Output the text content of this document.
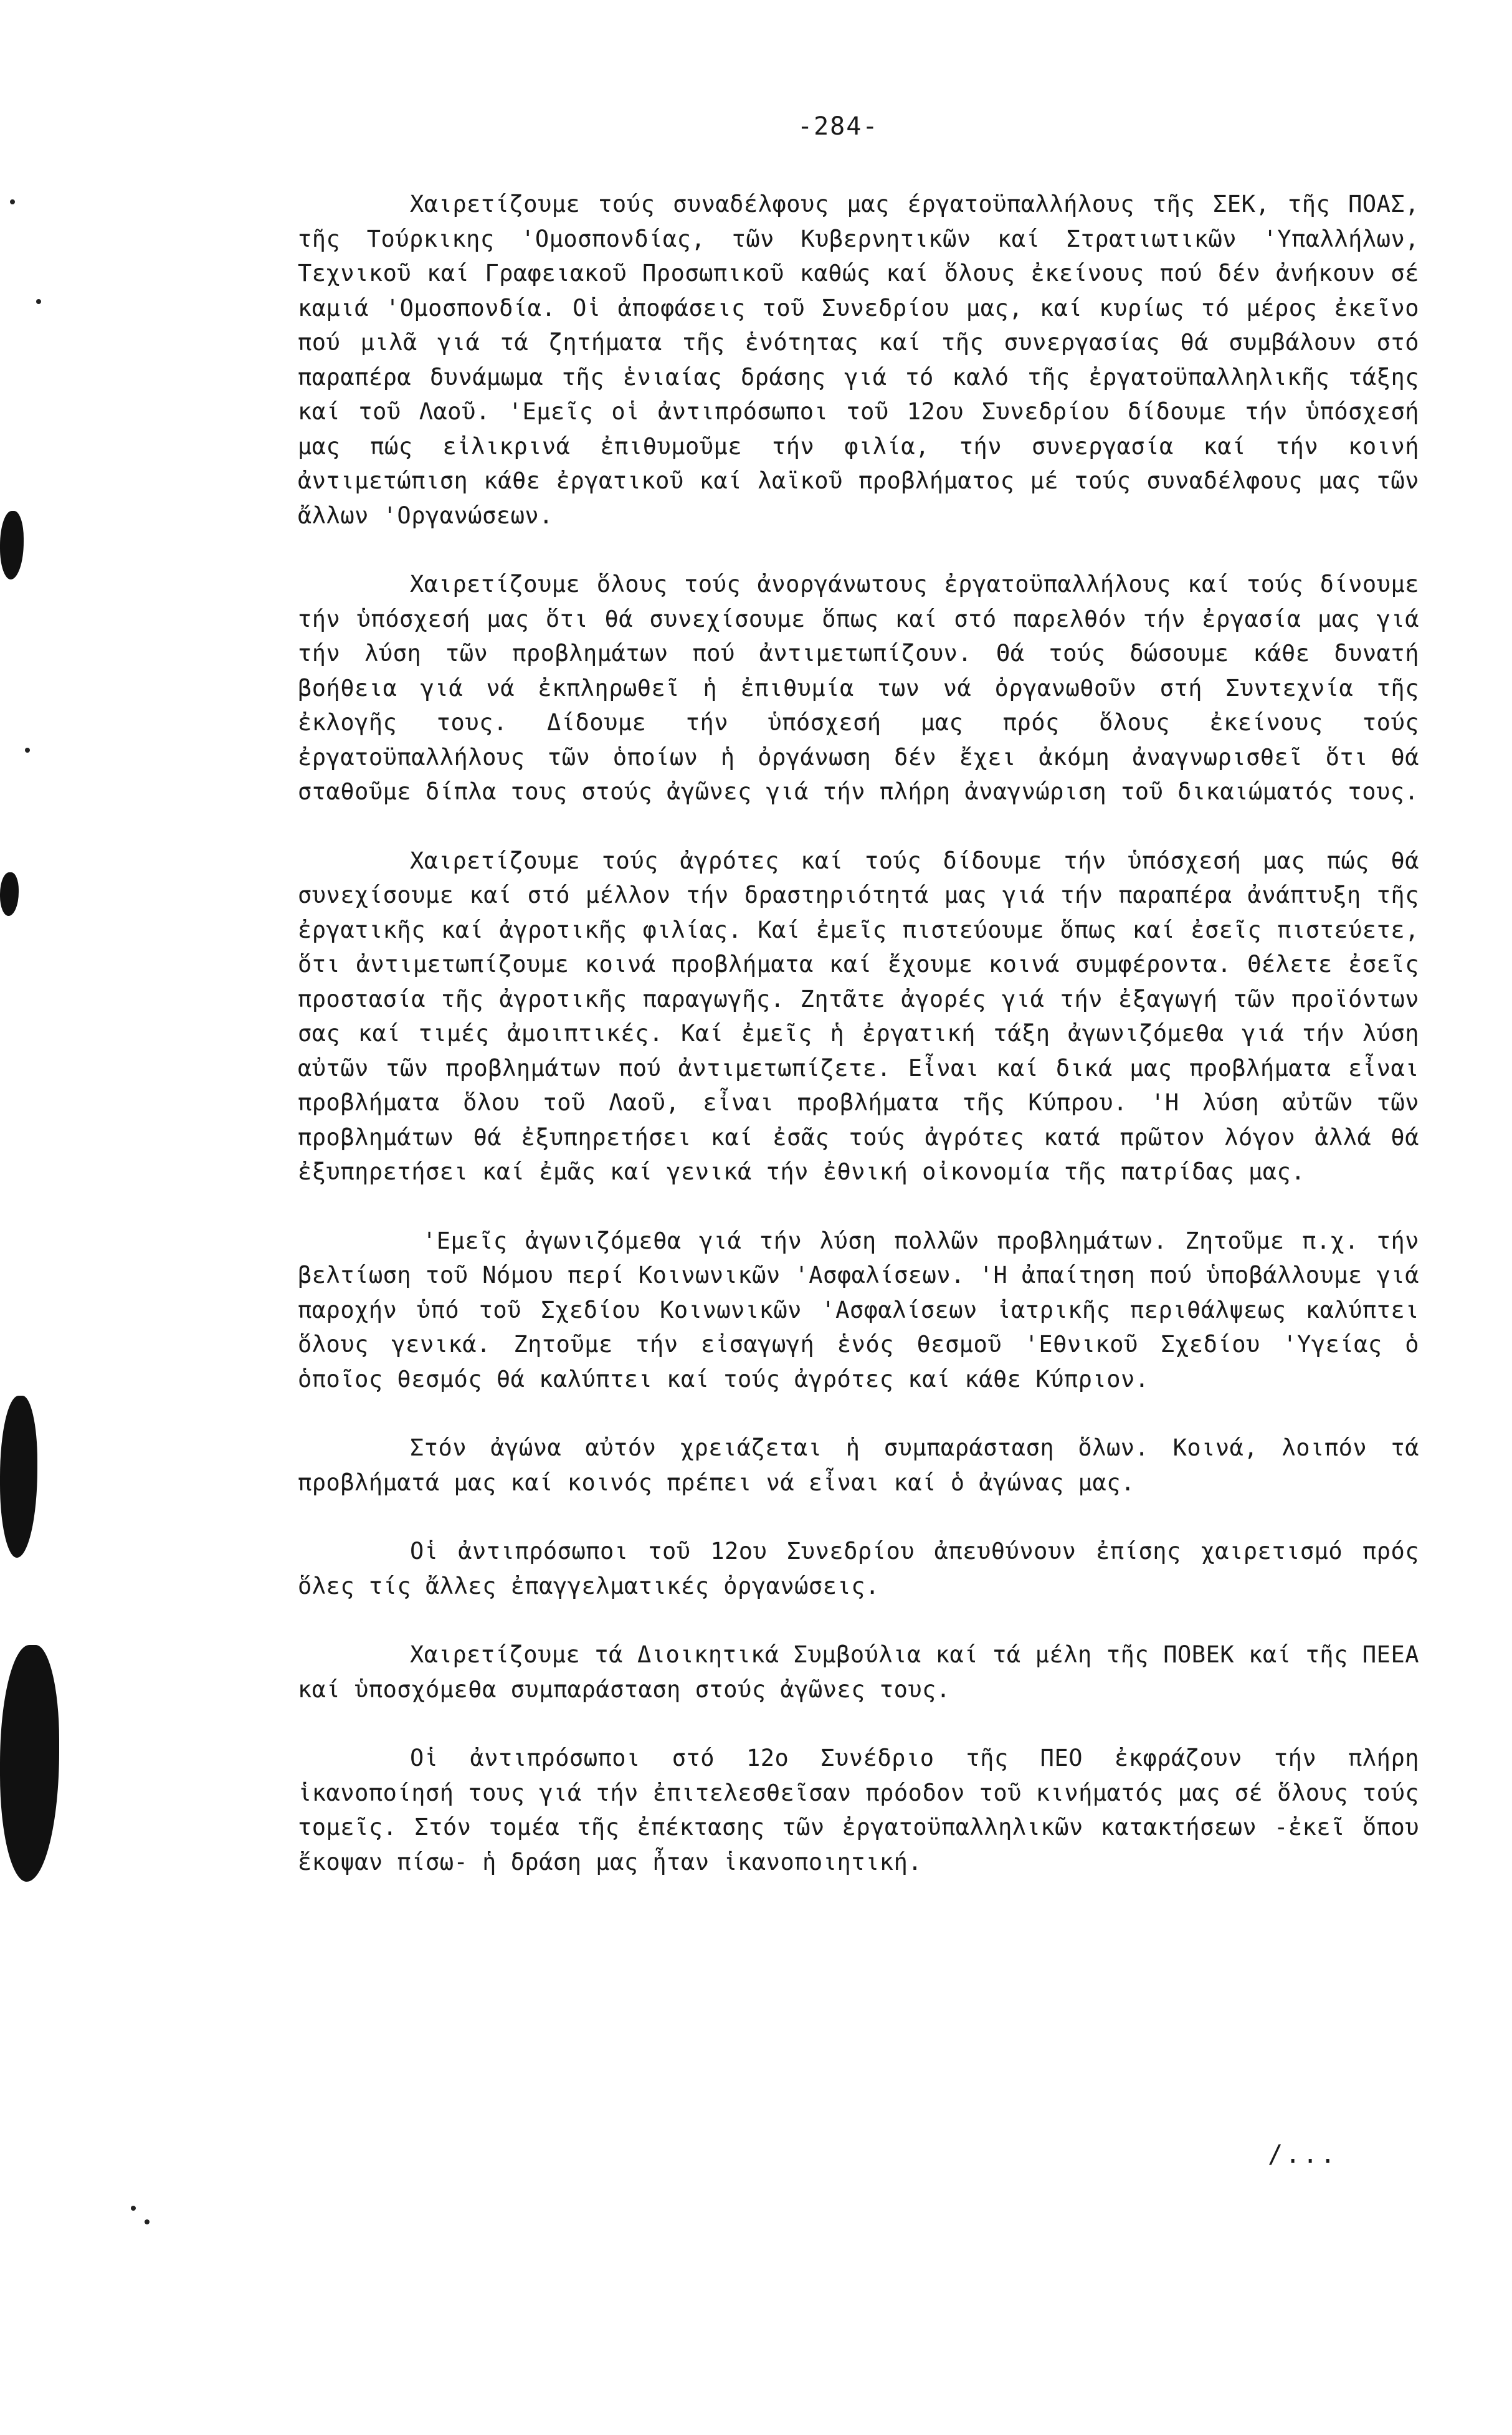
-284-

Χαιρετίζουμε τούς συναδέλφους μας έργατοϋπαλλήλους τῆς ΣΕΚ, τῆς ΠΟΑΣ, τῆς Τούρκικης 'Ομοσπονδίας, τῶν Κυβερνητικῶν καί Στρατιωτικῶν 'Υπαλλήλων, Τεχνικοῦ καί Γραφειακοῦ Προσωπικοῦ καθώς καί ὅλους ἐκείνους πού δέν ἀνήκουν σέ καμιά 'Ομοσπονδία. Οἱ ἀποφάσεις τοῦ Συνεδρίου μας, καί κυρίως τό μέρος ἐκεῖνο πού μιλᾶ γιά τά ζητήματα τῆς ἑνότητας καί τῆς συνεργασίας θά συμβάλουν στό παραπέρα δυνάμωμα τῆς ἑνιαίας δράσης γιά τό καλό τῆς ἐργατοϋπαλληλικῆς τάξης καί τοῦ Λαοῦ. 'Εμεῖς οἱ ἀντιπρόσωποι τοῦ 12ου Συνεδρίου δίδουμε τήν ὑπόσχεσή μας πώς εἰλικρινά ἐπιθυμοῦμε τήν φιλία, τήν συνεργασία καί τήν κοινή ἀντιμετώπιση κάθε ἐργατικοῦ καί λαϊκοῦ προβλήματος μέ τούς συναδέλφους μας τῶν ἄλλων 'Οργανώσεων.

Χαιρετίζουμε ὅλους τούς ἀνοργάνωτους ἐργατοϋπαλλήλους καί τούς δίνουμε τήν ὑπόσχεσή μας ὅτι θά συνεχίσουμε ὅπως καί στό παρελθόν τήν ἐργασία μας γιά τήν λύση τῶν προβλημάτων πού ἀντιμετωπίζουν. Θά τούς δώσουμε κάθε δυνατή βοήθεια γιά νά ἐκπληρωθεῖ ἡ ἐπιθυμία των νά ὀργανωθοῦν στή Συντεχνία τῆς ἐκλογῆς τους. Δίδουμε τήν ὑπόσχεσή μας πρός ὅλους ἐκείνους τούς ἐργατοϋπαλλήλους τῶν ὁποίων ἡ ὀργάνωση δέν ἔχει ἀκόμη ἀναγνωρισθεῖ ὅτι θά σταθοῦμε δίπλα τους στούς ἀγῶνες γιά τήν πλήρη ἀναγνώριση τοῦ δικαιώματός τους.

Χαιρετίζουμε τούς ἀγρότες καί τούς δίδουμε τήν ὑπόσχεσή μας πώς θά συνεχίσουμε καί στό μέλλον τήν δραστηριότητά μας γιά τήν παραπέρα ἀνάπτυξη τῆς ἐργατικῆς καί ἀγροτικῆς φιλίας. Καί ἐμεῖς πιστεύουμε ὅπως καί ἐσεῖς πιστεύετε, ὅτι ἀντιμετωπίζουμε κοινά προβλήματα καί ἔχουμε κοινά συμφέροντα. Θέλετε ἐσεῖς προστασία τῆς ἀγροτικῆς παραγωγῆς. Ζητᾶτε ἀγορές γιά τήν ἐξαγωγή τῶν προϊόντων σας καί τιμές ἀμοιπτικές. Καί ἐμεῖς ἡ ἐργατική τάξη ἀγωνιζόμεθα γιά τήν λύση αὐτῶν τῶν προβλημάτων πού ἀντιμετωπίζετε. Εἶναι καί δικά μας προβλήματα εἶναι προβλήματα ὅλου τοῦ Λαοῦ, εἶναι προβλήματα τῆς Κύπρου. 'Η λύση αὐτῶν τῶν προβλημάτων θά ἐξυπηρετήσει καί ἐσᾶς τούς ἀγρότες κατά πρῶτον λόγον ἀλλά θά ἐξυπηρετήσει καί ἐμᾶς καί γενικά τήν ἐθνική οἰκονομία τῆς πατρίδας μας.

'Εμεῖς ἀγωνιζόμεθα γιά τήν λύση πολλῶν προβλημάτων. Ζητοῦμε π.χ. τήν βελτίωση τοῦ Νόμου περί Κοινωνικῶν 'Ασφαλίσεων. 'Η ἀπαίτηση πού ὑποβάλλουμε γιά παροχήν ὑπό τοῦ Σχεδίου Κοινωνικῶν 'Ασφαλίσεων ἰατρικῆς περιθάλψεως καλύπτει ὅλους γενικά. Ζητοῦμε τήν εἰσαγωγή ἑνός θεσμοῦ 'Εθνικοῦ Σχεδίου 'Υγείας ὁ ὁποῖος θεσμός θά καλύπτει καί τούς ἀγρότες καί κάθε Κύπριον.

Στόν ἀγώνα αὐτόν χρειάζεται ἡ συμπαράσταση ὅλων. Κοινά, λοιπόν τά προβλήματά μας καί κοινός πρέπει νά εἶναι καί ὁ ἀγώνας μας.

Οἱ ἀντιπρόσωποι τοῦ 12ου Συνεδρίου ἀπευθύνουν ἐπίσης χαιρετισμό πρός ὅλες τίς ἄλλες ἐπαγγελματικές ὀργανώσεις.

Χαιρετίζουμε τά Διοικητικά Συμβούλια καί τά μέλη τῆς ΠΟΒΕΚ καί τῆς ΠΕΕΑ καί ὑποσχόμεθα συμπαράσταση στούς ἀγῶνες τους.

Οἱ ἀντιπρόσωποι στό 12ο Συνέδριο τῆς ΠΕΟ ἐκφράζουν τήν πλήρη ἱκανοποίησή τους γιά τήν ἐπιτελεσθεῖσαν πρόοδον τοῦ κινήματός μας σέ ὅλους τούς τομεῖς. Στόν τομέα τῆς ἐπέκτασης τῶν ἐργατοϋπαλληλικῶν κατακτήσεων -ἐκεῖ ὅπου ἔκοψαν πίσω- ἡ δράση μας ἦταν ἱκανοποιητική.

/...
